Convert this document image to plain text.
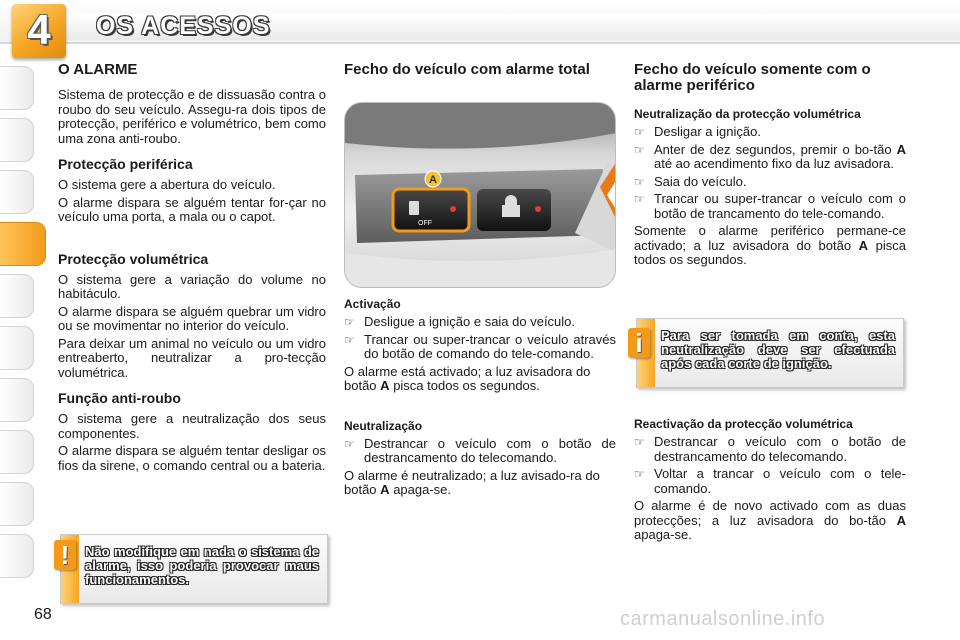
4	OS ACESSOS
O ALARME
Sistema de protecção e de dissuasão contra o roubo do seu veículo. Assegu-ra dois tipos de protecção, periférico e volumétrico, bem como uma zona anti-roubo.
Protecção periférica
O sistema gere a abertura do veículo.
O alarme dispara se alguém tentar for-çar no veículo uma porta, a mala ou o capot.
Protecção volumétrica
O sistema gere a variação do volume no habitáculo.
O alarme dispara se alguém quebrar um vidro ou se movimentar no interior do veículo.
Para deixar um animal no veículo ou um vidro entreaberto, neutralizar a pro-tecção volumétrica.
Função anti-roubo
O sistema gere a neutralização dos seus componentes.
O alarme dispara se alguém tentar desligar os fios da sirene, o comando central ou a bateria.
Não modifique em nada o sistema de alarme, isso poderia provocar maus funcionamentos.
!
Fecho do veículo com alarme total
OFF
A
Activação
☞ Desligue a ignição e saia do veículo.
☞ Trancar ou super-trancar o veículo através do botão de comando do tele-comando.
O alarme está activado; a luz avisadora do botão A pisca todos os segundos.
Neutralização
☞ Destrancar o veículo com o botão de destrancamento do telecomando.
O alarme é neutralizado; a luz avisado-ra do botão A apaga-se.
Fecho do veículo somente com o alarme periférico
Neutralização da protecção volumétrica
☞ Desligar a ignição.
☞ Anter de dez segundos, premir o bo-tão A até ao acendimento fixo da luz avisadora.
☞ Saia do veículo.
☞ Trancar ou super-trancar o veículo com o botão de trancamento do tele-comando.
Somente o alarme periférico permane-ce activado; a luz avisadora do botão A pisca todos os segundos.
Para ser tomada em conta, esta neutralização deve ser efectuada após cada corte de ignição.
i
Reactivação da protecção volumétrica
☞ Destrancar o veículo com o botão de destrancamento do telecomando.
☞ Voltar a trancar o veículo com o tele-comando.
O alarme é de novo activado com as duas protecções; a luz avisadora do bo-tão A apaga-se.
68	carmanualsonline.info
